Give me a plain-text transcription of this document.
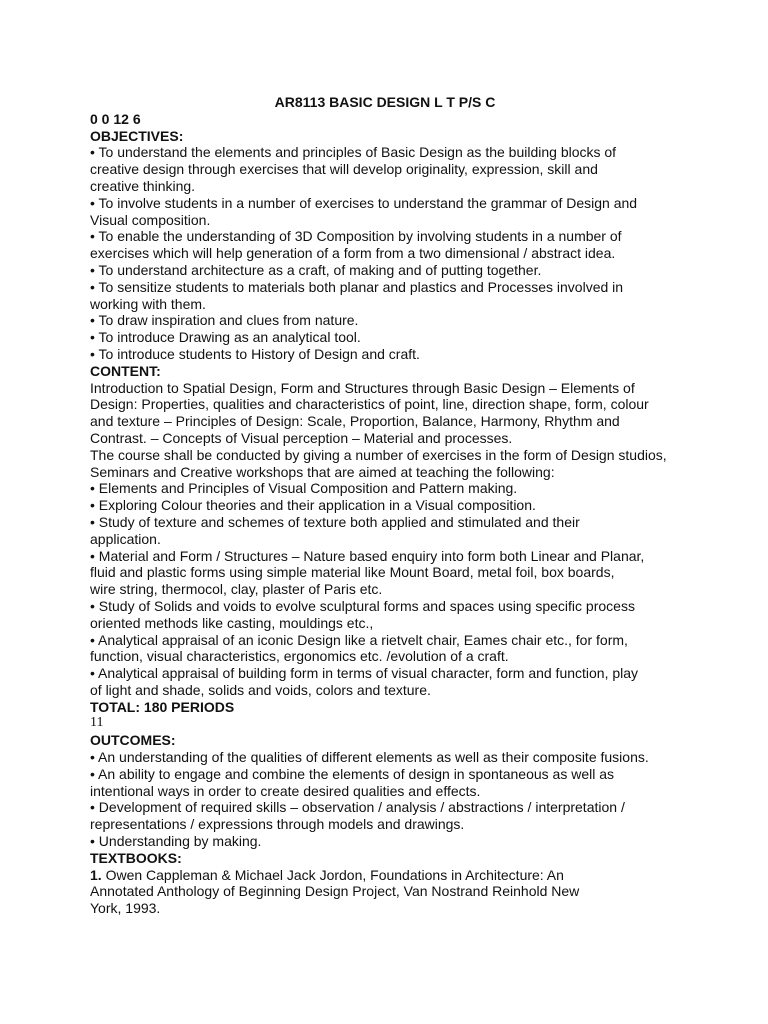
AR8113 BASIC DESIGN L T P/S C
0 0 12 6
OBJECTIVES:
• To understand the elements and principles of Basic Design as the building blocks of
creative design through exercises that will develop originality, expression, skill and
creative thinking.
• To involve students in a number of exercises to understand the grammar of Design and
Visual composition.
• To enable the understanding of 3D Composition by involving students in a number of
exercises which will help generation of a form from a two dimensional / abstract idea.
• To understand architecture as a craft, of making and of putting together.
• To sensitize students to materials both planar and plastics and Processes involved in
working with them.
• To draw inspiration and clues from nature.
• To introduce Drawing as an analytical tool.
• To introduce students to History of Design and craft.
CONTENT:
Introduction to Spatial Design, Form and Structures through Basic Design – Elements of
Design: Properties, qualities and characteristics of point, line, direction shape, form, colour
and texture – Principles of Design: Scale, Proportion, Balance, Harmony, Rhythm and
Contrast. – Concepts of Visual perception – Material and processes.
The course shall be conducted by giving a number of exercises in the form of Design studios,
Seminars and Creative workshops that are aimed at teaching the following:
• Elements and Principles of Visual Composition and Pattern making.
• Exploring Colour theories and their application in a Visual composition.
• Study of texture and schemes of texture both applied and stimulated and their
application.
• Material and Form / Structures – Nature based enquiry into form both Linear and Planar,
fluid and plastic forms using simple material like Mount Board, metal foil, box boards,
wire string, thermocol, clay, plaster of Paris etc.
• Study of Solids and voids to evolve sculptural forms and spaces using specific process
oriented methods like casting, mouldings etc.,
• Analytical appraisal of an iconic Design like a rietvelt chair, Eames chair etc., for form,
function, visual characteristics, ergonomics etc. /evolution of a craft.
• Analytical appraisal of building form in terms of visual character, form and function, play
of light and shade, solids and voids, colors and texture.
TOTAL: 180 PERIODS
11
OUTCOMES:
• An understanding of the qualities of different elements as well as their composite fusions.
• An ability to engage and combine the elements of design in spontaneous as well as
intentional ways in order to create desired qualities and effects.
• Development of required skills – observation / analysis / abstractions / interpretation /
representations / expressions through models and drawings.
• Understanding by making.
TEXTBOOKS:
1. Owen Cappleman & Michael Jack Jordon, Foundations in Architecture: An
Annotated Anthology of Beginning Design Project, Van Nostrand Reinhold New
York, 1993.
